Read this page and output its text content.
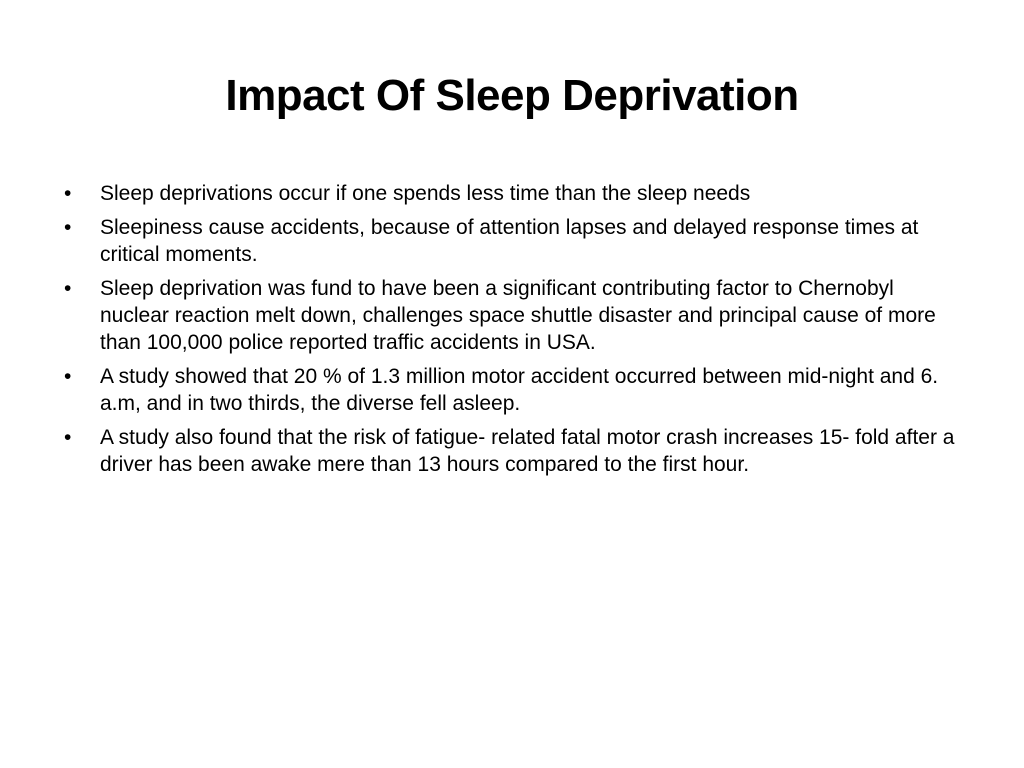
Impact Of Sleep Deprivation
•	Sleep deprivations occur if one spends less time than the sleep needs
•	Sleepiness cause accidents, because of attention lapses and delayed response times at critical moments.
•	Sleep deprivation was fund to have been a significant contributing factor to Chernobyl nuclear reaction melt down, challenges space shuttle disaster and principal cause of more than 100,000 police reported traffic accidents in USA.
•	A study showed that 20 % of 1.3 million motor accident occurred between mid-night and 6. a.m, and in two thirds, the diverse fell asleep.
•	A study also found that the risk of fatigue- related fatal motor crash increases 15- fold after a driver has been awake mere than 13 hours compared to the first hour.
